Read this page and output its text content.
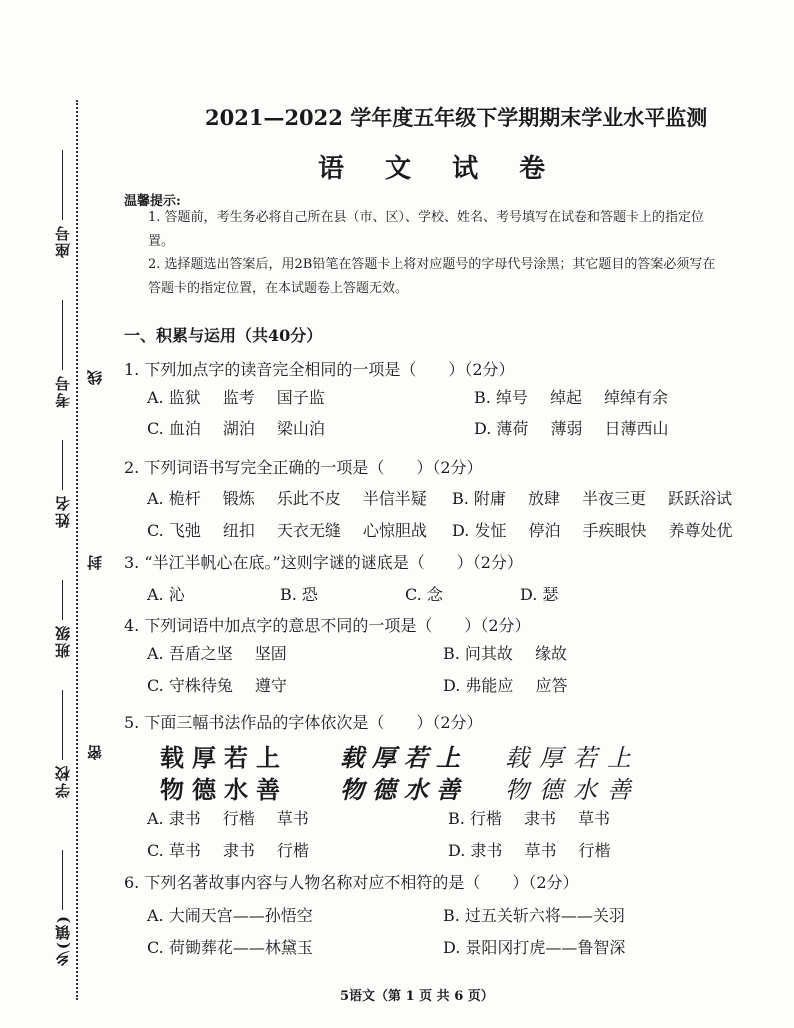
座号
考号
姓名
班级
学校
乡(镇)
线
封
密
2021—2022 学年度五年级下学期期末学业水平监测
语 文 试 卷
温馨提示:
1. 答题前，考生务必将自己所在县（市、区）、学校、姓名、考号填写在试卷和答题卡上的指定位置。
2. 选择题选出答案后，用2B铅笔在答题卡上将对应题号的字母代号涂黑；其它题目的答案必须写在答题卡的指定位置，在本试题卷上答题无效。
一、积累与运用（共40分）
1. 下列加点字的读音完全相同的一项是（　　）（2分）
A. 监狱 监考 国子监	B. 绰号 绰起 绰绰有余
C. 血泊 湖泊 梁山泊	D. 薄荷 薄弱 日薄西山
2. 下列词语书写完全正确的一项是（　　）（2分）
A. 桅杆 锻炼 乐此不皮 半信半疑 B. 附庸 放肆 半夜三更 跃跃浴试
C. 飞弛 纽扣 天衣无缝 心惊胆战 D. 发怔 停泊 手疾眼快 养尊处优
3. “半江半帆心在底。”这则字谜的谜底是（　　）（2分）
A. 沁	B. 恐	C. 念	D. 瑟
4. 下列词语中加点字的意思不同的一项是（　　）（2分）
A. 吾盾之坚 坚固	B. 问其故 缘故
C. 守株待兔 遵守	D. 弗能应 应答
5. 下面三幅书法作品的字体依次是（　　）（2分）
载厚若上
物德水善
载厚若上
物德水善
载厚若上
物德水善
A. 隶书 行楷 草书	B. 行楷 隶书 草书
C. 草书 隶书 行楷	D. 隶书 草书 行楷
6. 下列名著故事内容与人物名称对应不相符的是（　　）（2分）
A. 大闹天宫——孙悟空	B. 过五关斩六将——关羽
C. 荷锄葬花——林黛玉	D. 景阳冈打虎——鲁智深
5语文（第 1 页 共 6 页）
